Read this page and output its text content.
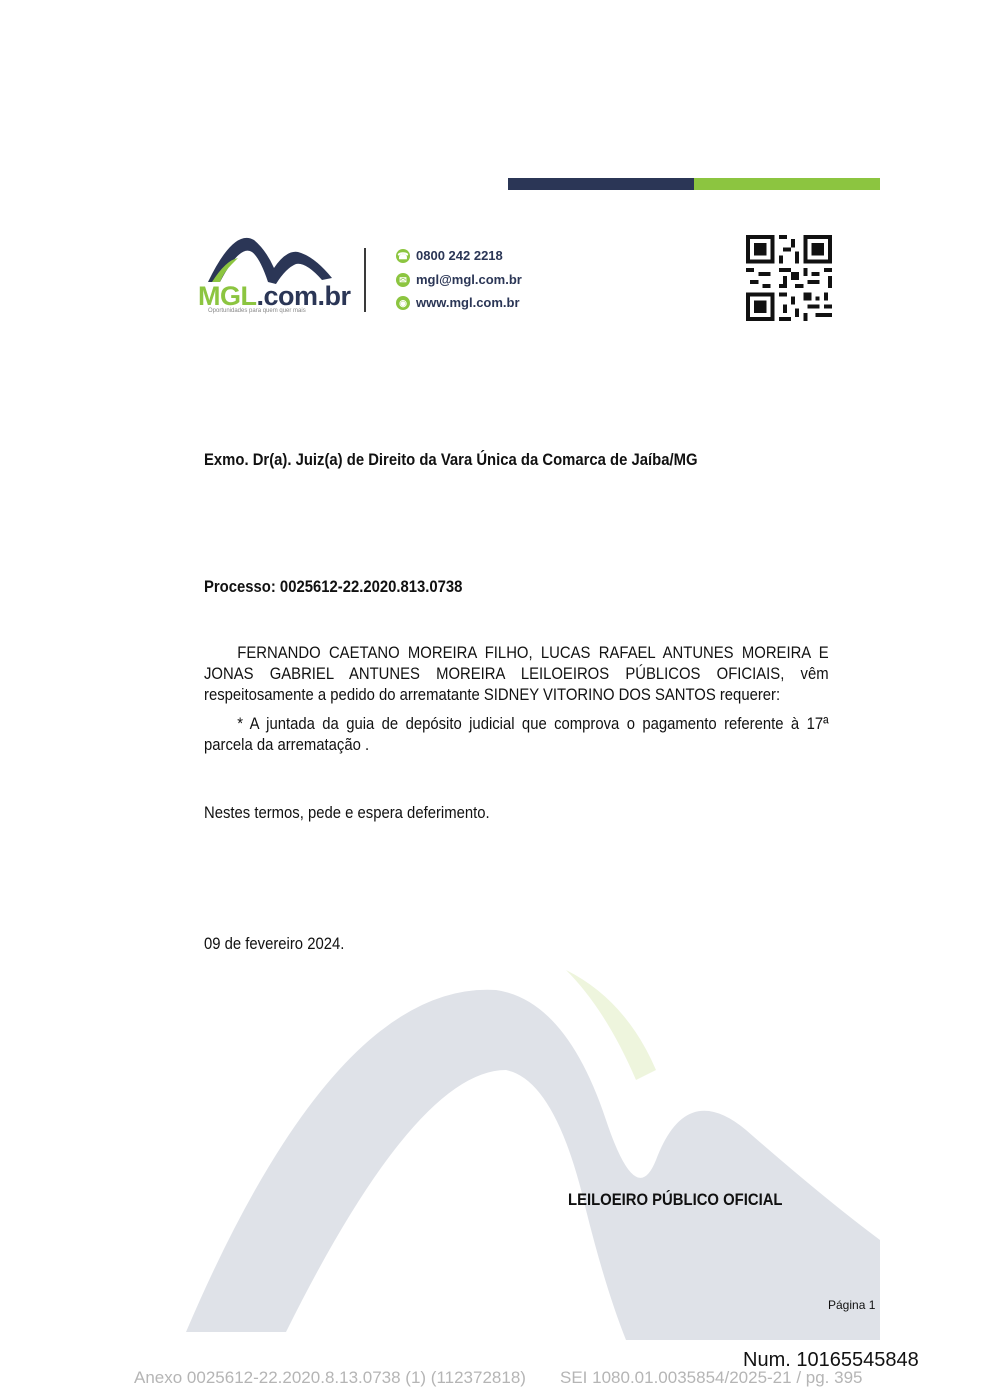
MGL.com.br
Oportunidades para quem quer mais
☎ 0800 242 2218
✉ mgl@mgl.com.br
◉ www.mgl.com.br
Exmo. Dr(a). Juiz(a) de Direito da Vara Única da Comarca de Jaíba/MG
Processo: 0025612-22.2020.813.0738
FERNANDO CAETANO MOREIRA FILHO, LUCAS RAFAEL ANTUNES MOREIRA E JONAS GABRIEL ANTUNES MOREIRA LEILOEIROS PÚBLICOS OFICIAIS, vêm respeitosamente a pedido do arrematante SIDNEY VITORINO DOS SANTOS requerer:
* A juntada da guia de depósito judicial que comprova o pagamento referente à 17ª parcela da arrematação .
Nestes termos, pede e espera deferimento.
09 de fevereiro 2024.
LEILOEIRO PÚBLICO OFICIAL
Página 1
Num. 10165545848
Anexo 0025612-22.2020.8.13.0738 (1) (112372818) SEI 1080.01.0035854/2025-21 / pg. 395
